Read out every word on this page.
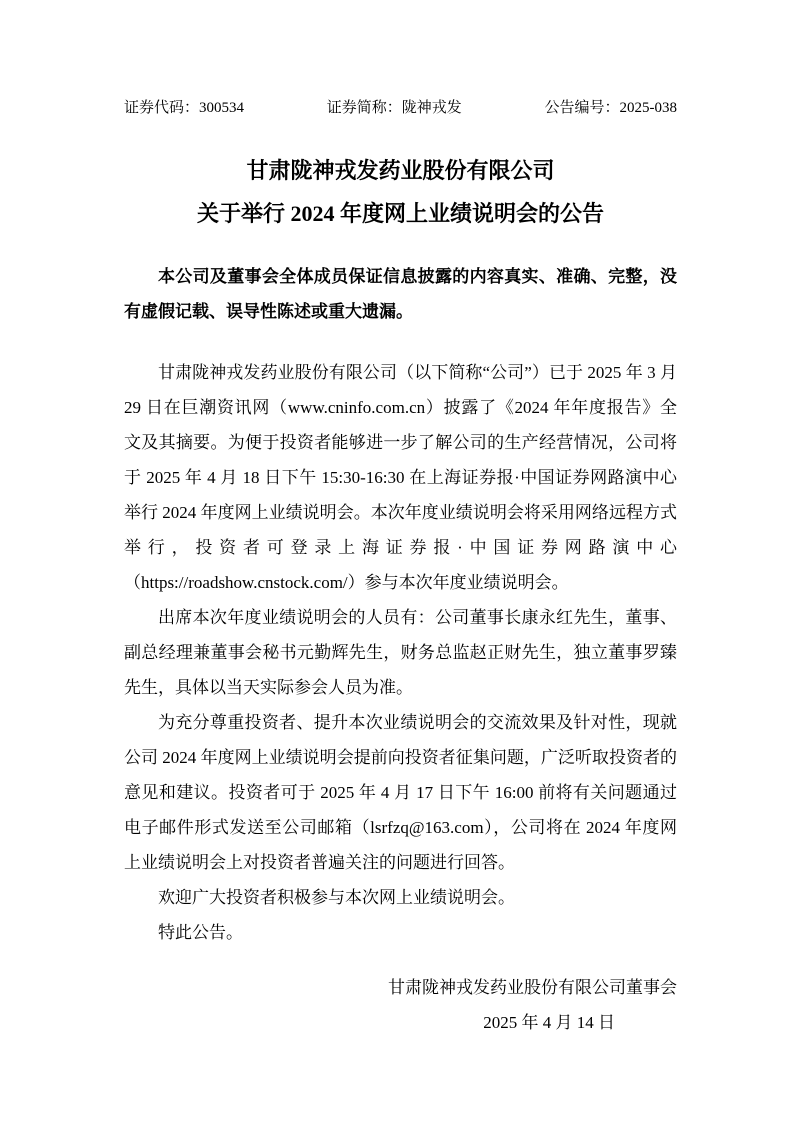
证券代码：300534	证券简称：陇神戎发	公告编号：2025-038
甘肃陇神戎发药业股份有限公司
关于举行 2024 年度网上业绩说明会的公告

本公司及董事会全体成员保证信息披露的内容真实、准确、完整，没有虚假记载、误导性陈述或重大遗漏。

甘肃陇神戎发药业股份有限公司（以下简称“公司”）已于 2025 年 3 月 29 日在巨潮资讯网（www.cninfo.com.cn）披露了《2024 年年度报告》全文及其摘要。为便于投资者能够进一步了解公司的生产经营情况，公司将于 2025 年 4 月 18 日下午 15:30-16:30 在上海证券报·中国证券网路演中心举行 2024 年度网上业绩说明会。本次年度业绩说明会将采用网络远程方式举行，投资者可登录上海证券报·中国证券网路演中心（https://roadshow.cnstock.com/）参与本次年度业绩说明会。

出席本次年度业绩说明会的人员有：公司董事长康永红先生，董事、副总经理兼董事会秘书元勤辉先生，财务总监赵正财先生，独立董事罗臻先生，具体以当天实际参会人员为准。

为充分尊重投资者、提升本次业绩说明会的交流效果及针对性，现就公司 2024 年度网上业绩说明会提前向投资者征集问题，广泛听取投资者的意见和建议。投资者可于 2025 年 4 月 17 日下午 16:00 前将有关问题通过电子邮件形式发送至公司邮箱（lsrfzq@163.com），公司将在 2024 年度网上业绩说明会上对投资者普遍关注的问题进行回答。

欢迎广大投资者积极参与本次网上业绩说明会。

特此公告。

甘肃陇神戎发药业股份有限公司董事会

2025 年 4 月 14 日
